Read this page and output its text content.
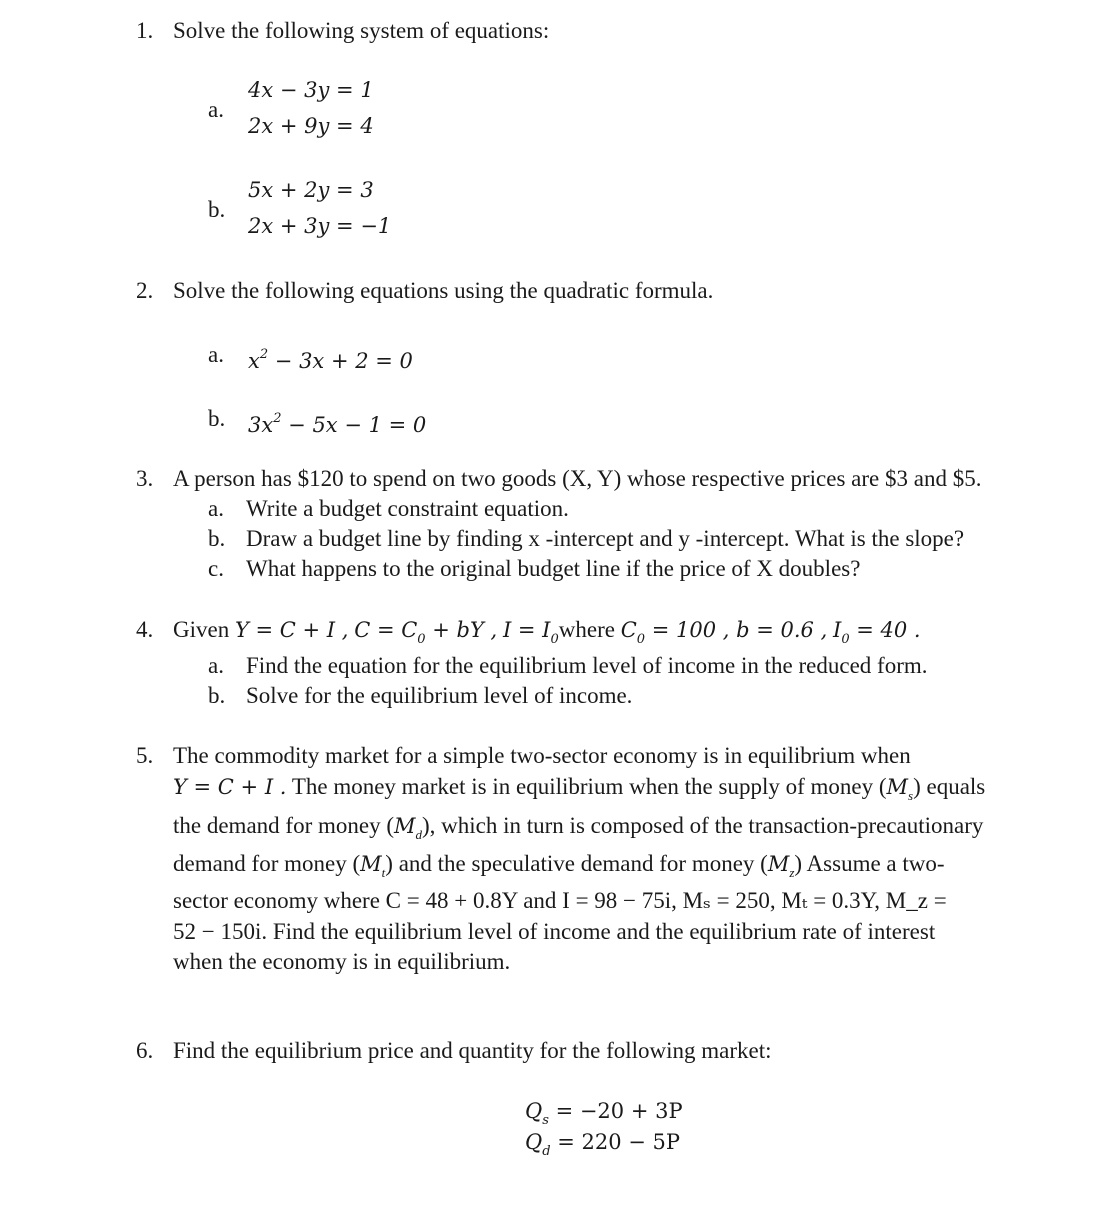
1. Solve the following system of equations:
a.
4x − 3y = 1
2x + 9y = 4
b.
5x + 2y = 3
2x + 3y = −1
2. Solve the following equations using the quadratic formula.
a. $x^2 - 3x + 2 = 0$
b. $3x^2 - 5x - 1 = 0$
3. A person has $120 to spend on two goods (X, Y) whose respective prices are $3 and $5.
a. Write a budget constraint equation.
b. Draw a budget line by finding x -intercept and y -intercept. What is the slope?
c. What happens to the original budget line if the price of X doubles?
4. Given Y = C + I , $C = C_0$ + bY , $I = I_0where$ $C_0 = 100$ , b = 0.6 , $I_0 = 40$ .
a. Find the equation for the equilibrium level of income in the reduced form.
b. Solve for the equilibrium level of income.
5. The commodity market for a simple two-sector economy is in equilibrium when
Y = C + I . The money market is in equilibrium when the supply of money $(M_s)$ equals
the demand for money $(M_d)$, which in turn is composed of the transaction-precautionary
demand for money $(M_t)$ and the speculative demand for money $(M_z)$ Assume a two-
sector economy where C = 48 + 0.8Y and I = 98 − 75i, Mₛ = 250, Mₜ = 0.3Y, M_z =
52 − 150i. Find the equilibrium level of income and the equilibrium rate of interest
when the economy is in equilibrium.
6. Find the equilibrium price and quantity for the following market:
$Q_s = -20 + 3P$
$Q_d = 220 - 5P$
